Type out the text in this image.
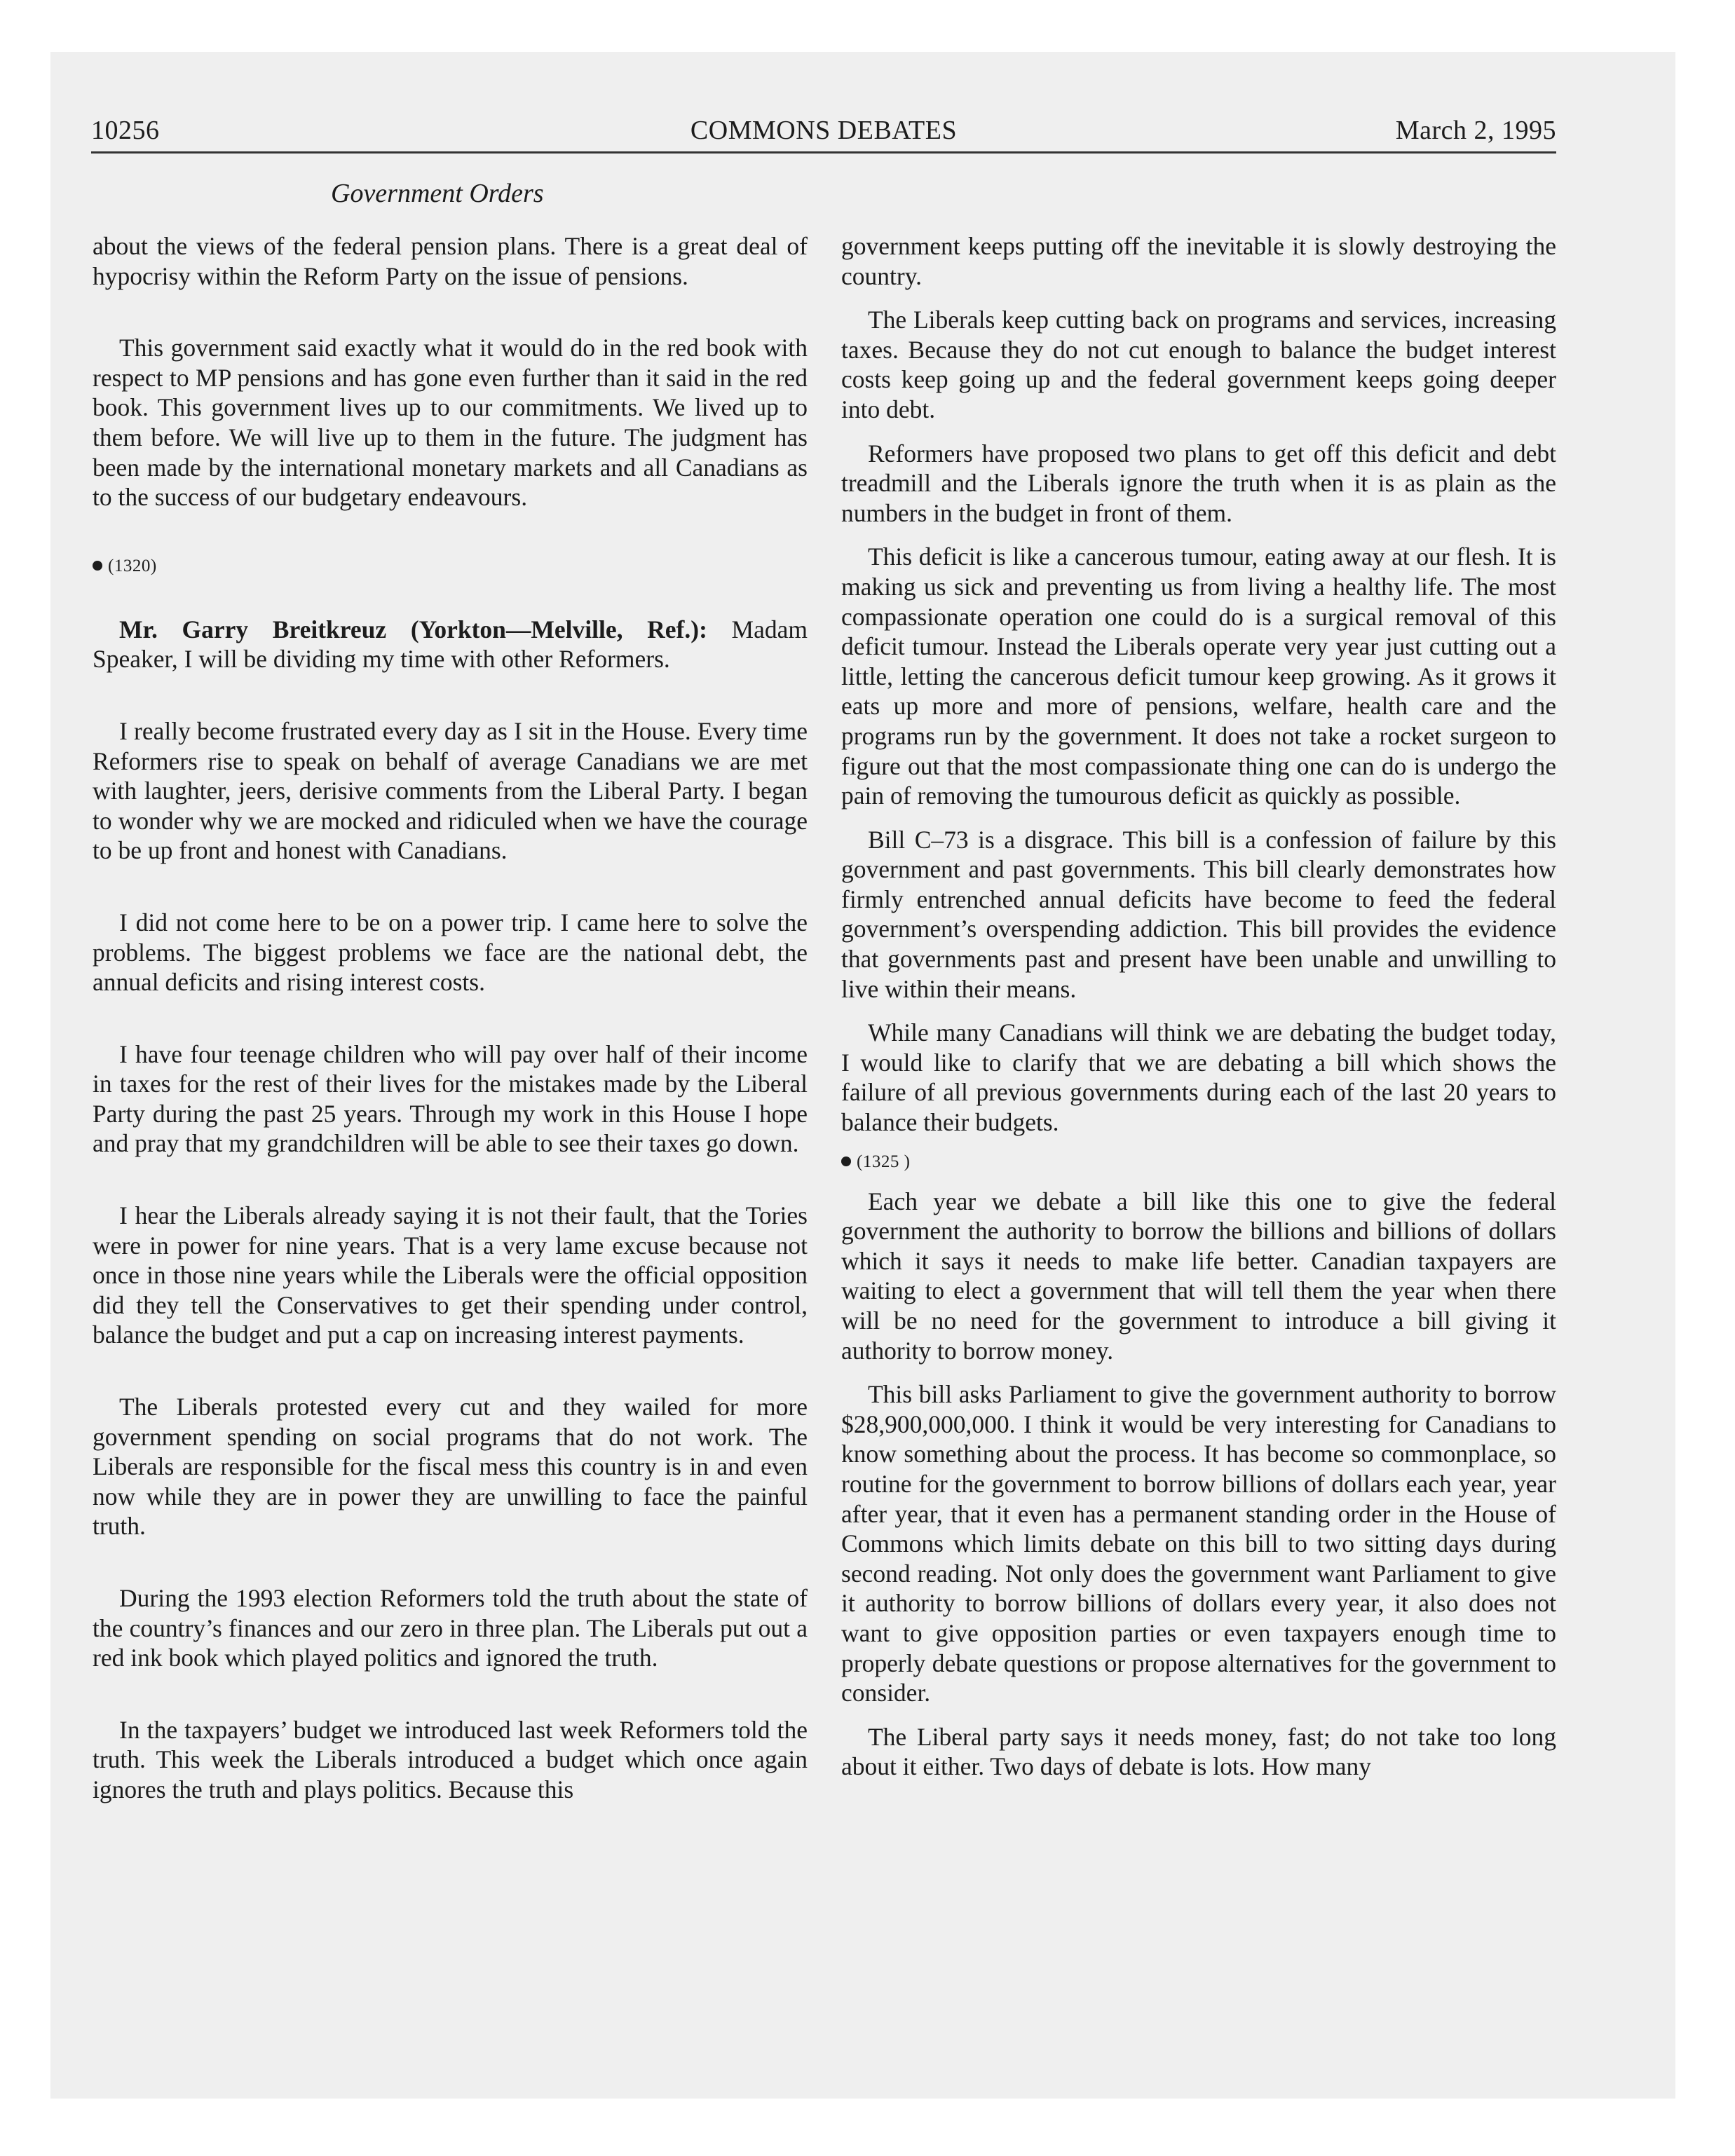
10256	COMMONS DEBATES	March 2, 1995
Government Orders

about the views of the federal pension plans. There is a great deal of hypocrisy within the Reform Party on the issue of pensions.

This government said exactly what it would do in the red book with respect to MP pensions and has gone even further than it said in the red book. This government lives up to our commitments. We lived up to them before. We will live up to them in the future. The judgment has been made by the international monetary markets and all Canadians as to the success of our budgetary endeavours.

(1320)

Mr. Garry Breitkreuz (Yorkton—Melville, Ref.): Madam Speaker, I will be dividing my time with other Reformers.

I really become frustrated every day as I sit in the House. Every time Reformers rise to speak on behalf of average Canadians we are met with laughter, jeers, derisive comments from the Liberal Party. I began to wonder why we are mocked and ridiculed when we have the courage to be up front and honest with Canadians.

I did not come here to be on a power trip. I came here to solve the problems. The biggest problems we face are the national debt, the annual deficits and rising interest costs.

I have four teenage children who will pay over half of their income in taxes for the rest of their lives for the mistakes made by the Liberal Party during the past 25 years. Through my work in this House I hope and pray that my grandchildren will be able to see their taxes go down.

I hear the Liberals already saying it is not their fault, that the Tories were in power for nine years. That is a very lame excuse because not once in those nine years while the Liberals were the official opposition did they tell the Conservatives to get their spending under control, balance the budget and put a cap on increasing interest payments.

The Liberals protested every cut and they wailed for more government spending on social programs that do not work. The Liberals are responsible for the fiscal mess this country is in and even now while they are in power they are unwilling to face the painful truth.

During the 1993 election Reformers told the truth about the state of the country’s finances and our zero in three plan. The Liberals put out a red ink book which played politics and ignored the truth.

In the taxpayers’ budget we introduced last week Reformers told the truth. This week the Liberals introduced a budget which once again ignores the truth and plays politics. Because this

government keeps putting off the inevitable it is slowly destroying the country.

The Liberals keep cutting back on programs and services, increasing taxes. Because they do not cut enough to balance the budget interest costs keep going up and the federal government keeps going deeper into debt.

Reformers have proposed two plans to get off this deficit and debt treadmill and the Liberals ignore the truth when it is as plain as the numbers in the budget in front of them.

This deficit is like a cancerous tumour, eating away at our flesh. It is making us sick and preventing us from living a healthy life. The most compassionate operation one could do is a surgical removal of this deficit tumour. Instead the Liberals operate very year just cutting out a little, letting the cancerous deficit tumour keep growing. As it grows it eats up more and more of pensions, welfare, health care and the programs run by the government. It does not take a rocket surgeon to figure out that the most compassionate thing one can do is undergo the pain of removing the tumourous deficit as quickly as possible.

Bill C–73 is a disgrace. This bill is a confession of failure by this government and past governments. This bill clearly demonstrates how firmly entrenched annual deficits have become to feed the federal government’s overspending addiction. This bill provides the evidence that governments past and present have been unable and unwilling to live within their means.

While many Canadians will think we are debating the budget today, I would like to clarify that we are debating a bill which shows the failure of all previous governments during each of the last 20 years to balance their budgets.

(1325 )

Each year we debate a bill like this one to give the federal government the authority to borrow the billions and billions of dollars which it says it needs to make life better. Canadian taxpayers are waiting to elect a government that will tell them the year when there will be no need for the government to introduce a bill giving it authority to borrow money.

This bill asks Parliament to give the government authority to borrow $28,900,000,000. I think it would be very interesting for Canadians to know something about the process. It has become so commonplace, so routine for the government to borrow billions of dollars each year, year after year, that it even has a permanent standing order in the House of Commons which limits debate on this bill to two sitting days during second reading. Not only does the government want Parliament to give it authority to borrow billions of dollars every year, it also does not want to give opposition parties or even taxpayers enough time to properly debate questions or propose alternatives for the government to consider.

The Liberal party says it needs money, fast; do not take too long about it either. Two days of debate is lots. How many
